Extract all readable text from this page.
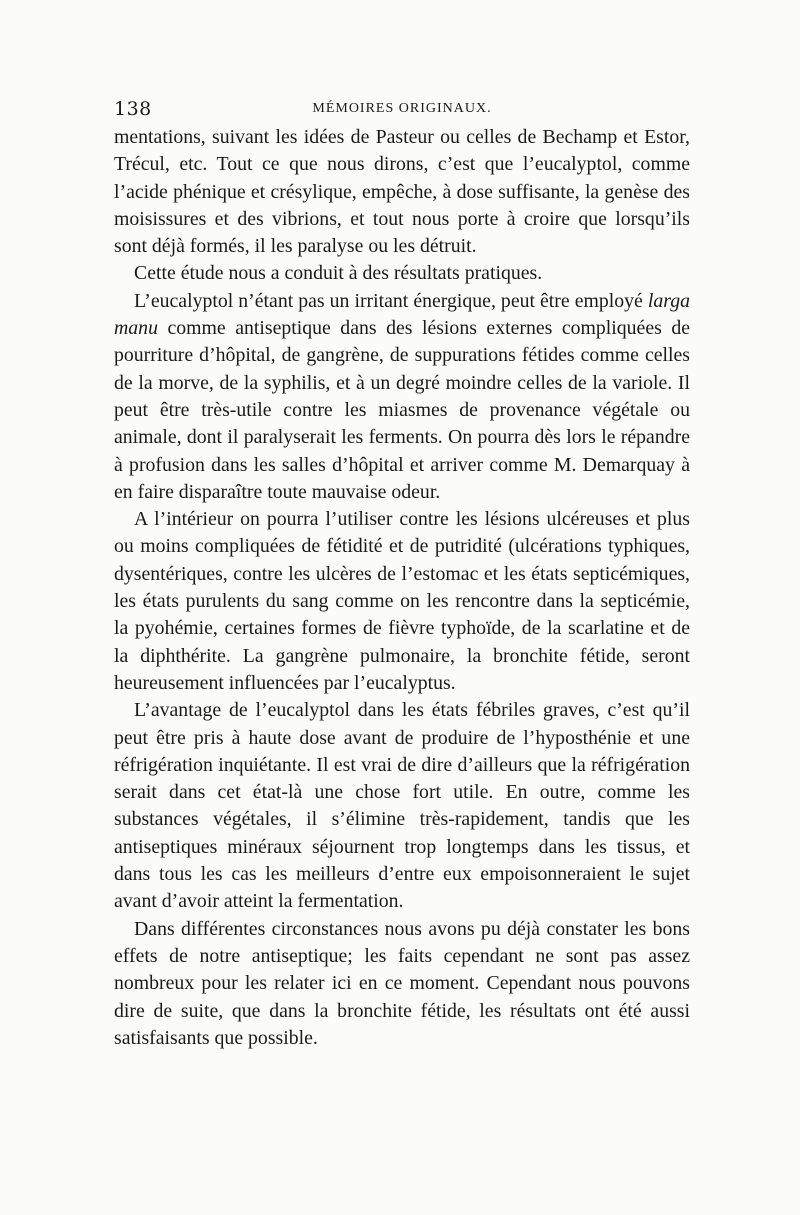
138	MÉMOIRES ORIGINAUX.

mentations, suivant les idées de Pasteur ou celles de Bechamp et Estor, Trécul, etc. Tout ce que nous dirons, c’est que l’eucalyptol, comme l’acide phénique et crésylique, empêche, à dose suffisante, la genèse des moisissures et des vibrions, et tout nous porte à croire que lorsqu’ils sont déjà formés, il les paralyse ou les détruit.

Cette étude nous a conduit à des résultats pratiques.

L’eucalyptol n’étant pas un irritant énergique, peut être employé larga manu comme antiseptique dans des lésions externes compliquées de pourriture d’hôpital, de gangrène, de suppurations fétides comme celles de la morve, de la syphilis, et à un degré moindre celles de la variole. Il peut être très-utile contre les miasmes de provenance végétale ou animale, dont il paralyserait les ferments. On pourra dès lors le répandre à profusion dans les salles d’hôpital et arriver comme M. Demarquay à en faire disparaître toute mauvaise odeur.

A l’intérieur on pourra l’utiliser contre les lésions ulcéreuses et plus ou moins compliquées de fétidité et de putridité (ulcérations typhiques, dysentériques, contre les ulcères de l’estomac et les états septicémiques, les états purulents du sang comme on les rencontre dans la septicémie, la pyohémie, certaines formes de fièvre typhoïde, de la scarlatine et de la diphthérite. La gangrène pulmonaire, la bronchite fétide, seront heureusement influencées par l’eucalyptus.

L’avantage de l’eucalyptol dans les états fébriles graves, c’est qu’il peut être pris à haute dose avant de produire de l’hyposthénie et une réfrigération inquiétante. Il est vrai de dire d’ailleurs que la réfrigération serait dans cet état-là une chose fort utile. En outre, comme les substances végétales, il s’élimine très-rapidement, tandis que les antiseptiques minéraux séjournent trop longtemps dans les tissus, et dans tous les cas les meilleurs d’entre eux empoisonneraient le sujet avant d’avoir atteint la fermentation.

Dans différentes circonstances nous avons pu déjà constater les bons effets de notre antiseptique; les faits cependant ne sont pas assez nombreux pour les relater ici en ce moment. Cependant nous pouvons dire de suite, que dans la bronchite fétide, les résultats ont été aussi satisfaisants que possible.
